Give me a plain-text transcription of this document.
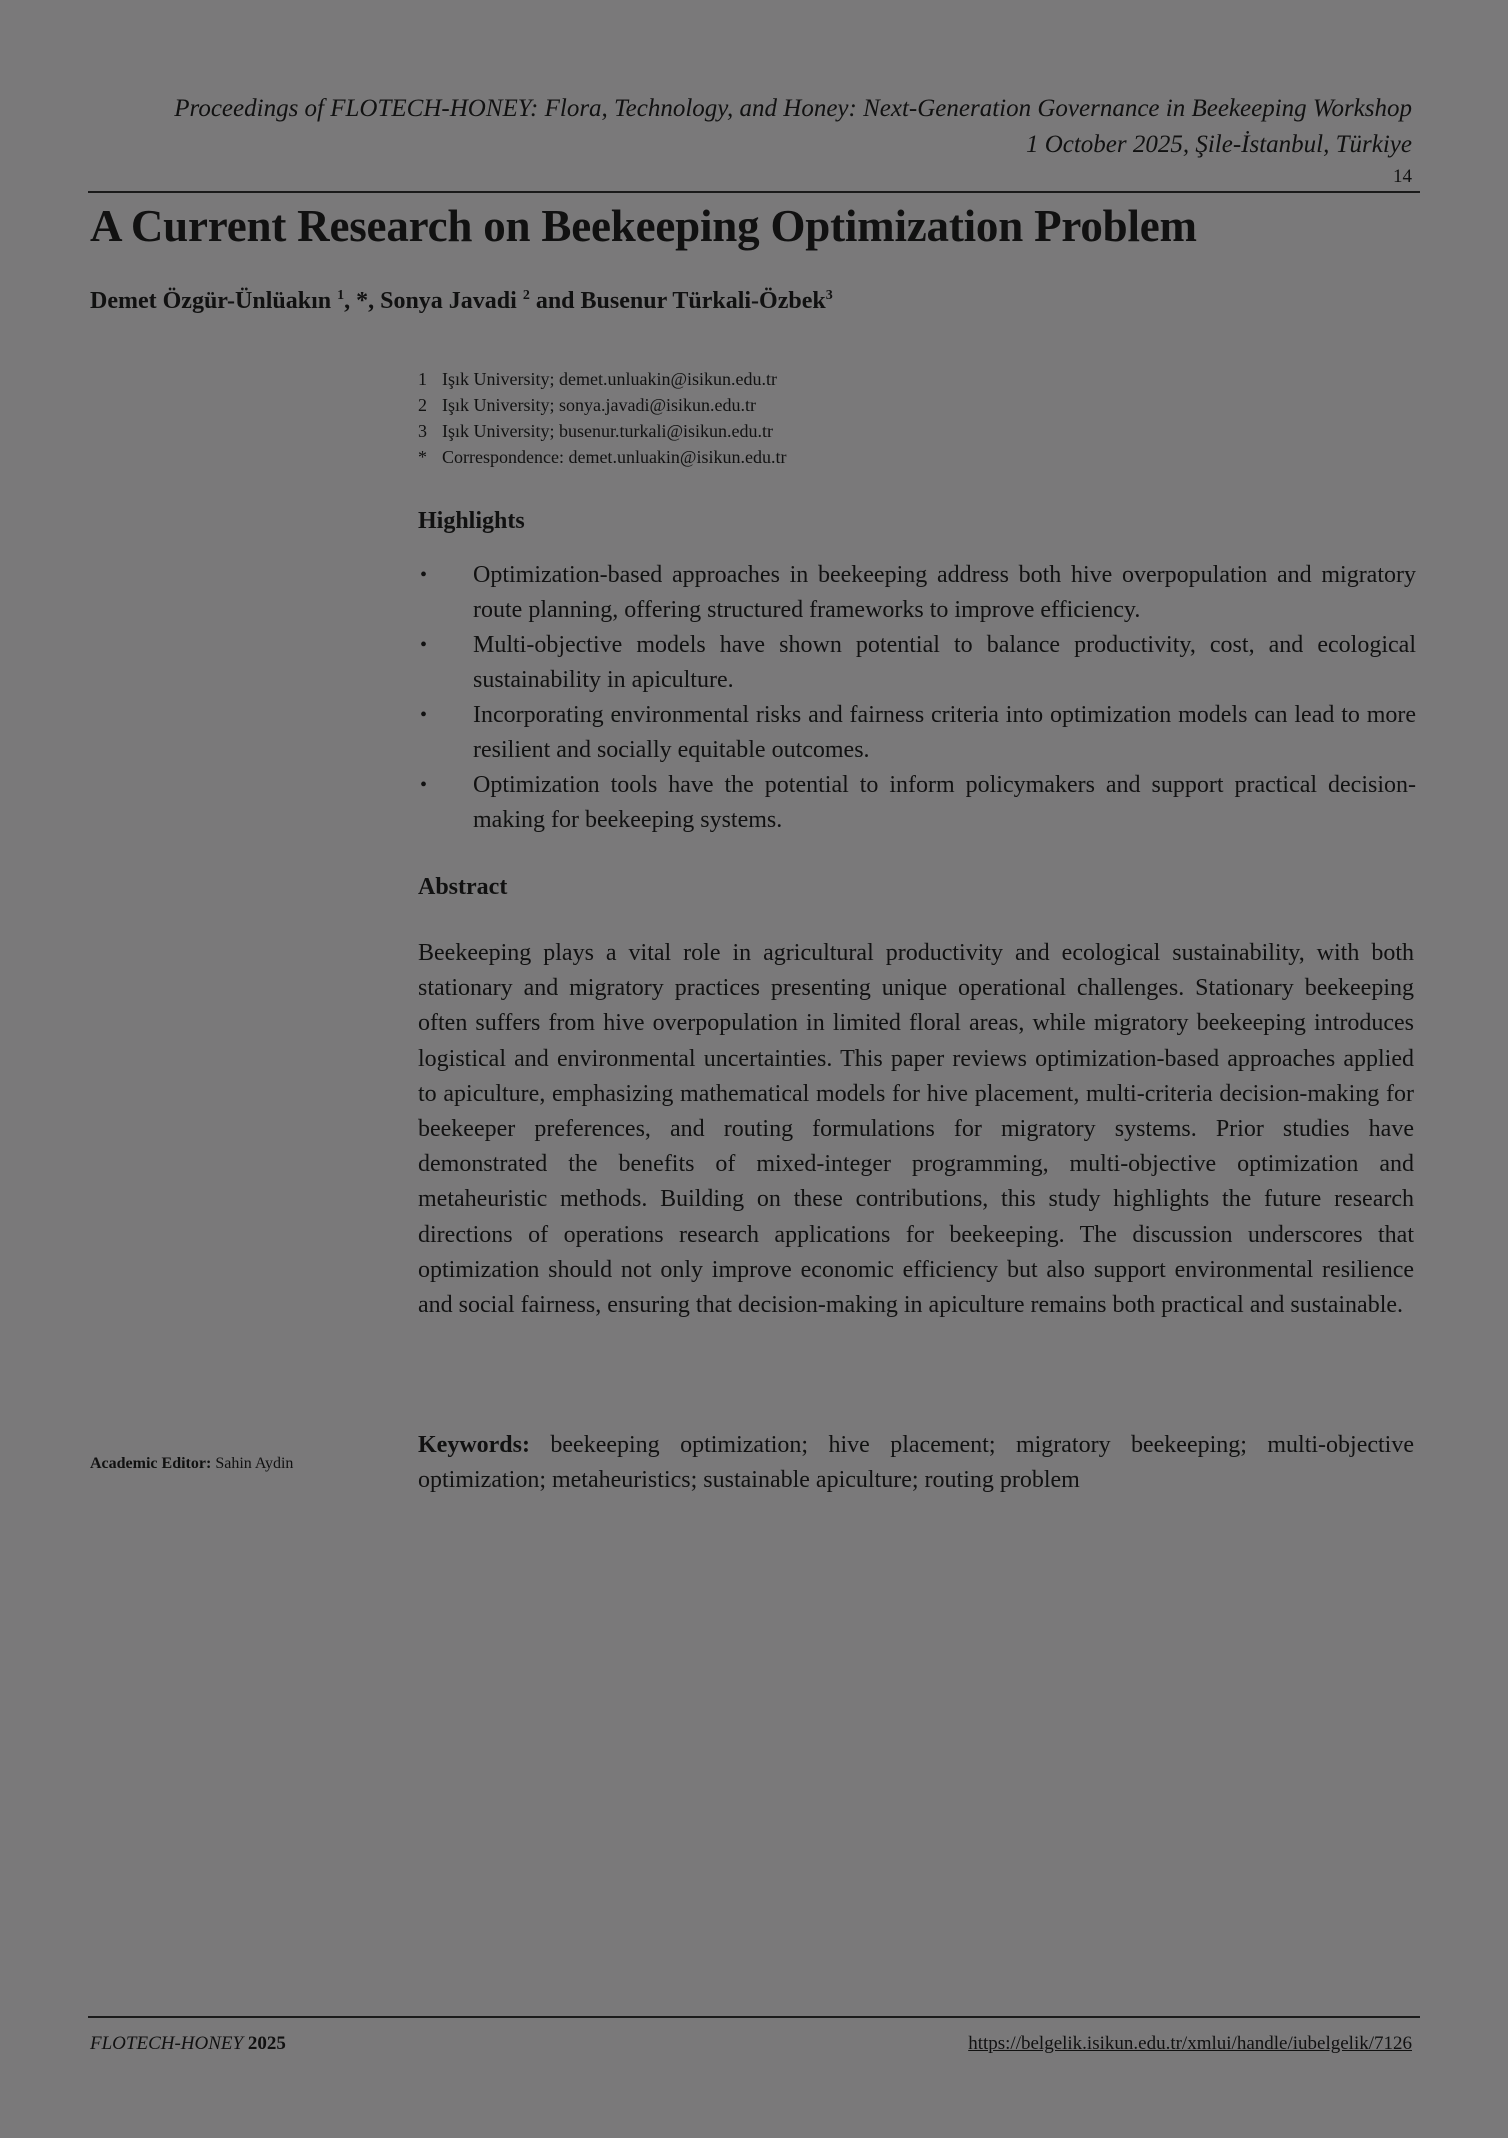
Proceedings of FLOTECH-HONEY: Flora, Technology, and Honey: Next-Generation Governance in Beekeeping Workshop
1 October 2025, Şile-İstanbul, Türkiye
14
A Current Research on Beekeeping Optimization Problem
Demet Özgür-Ünlüakın $^1$, *, Sonya Javadi $^2$ and Busenur Türkali-Özbek$^3$
1 Işık University; demet.unluakin@isikun.edu.tr
2 Işık University; sonya.javadi@isikun.edu.tr
3 Işık University; busenur.turkali@isikun.edu.tr
* Correspondence: demet.unluakin@isikun.edu.tr
Highlights
• Optimization-based approaches in beekeeping address both hive overpopulation and migratory route planning, offering structured frameworks to improve efficiency.
• Multi-objective models have shown potential to balance productivity, cost, and ecological sustainability in apiculture.
• Incorporating environmental risks and fairness criteria into optimization models can lead to more resilient and socially equitable outcomes.
• Optimization tools have the potential to inform policymakers and support practical decision-making for beekeeping systems.
Abstract

Beekeeping plays a vital role in agricultural productivity and ecological sustainability, with both stationary and migratory practices presenting unique operational challenges. Stationary beekeeping often suffers from hive overpopulation in limited floral areas, while migratory beekeeping introduces logistical and environmental uncertainties. This paper reviews optimization-based approaches applied to apiculture, emphasizing mathematical models for hive placement, multi-criteria decision-making for beekeeper preferences, and routing formulations for migratory systems. Prior studies have demonstrated the benefits of mixed-integer programming, multi-objective optimization and metaheuristic methods. Building on these contributions, this study highlights the future research directions of operations research applications for beekeeping. The discussion underscores that optimization should not only improve economic efficiency but also support environmental resilience and social fairness, ensuring that decision-making in apiculture remains both practical and sustainable.

Keywords: beekeeping optimization; hive placement; migratory beekeeping; multi-objective optimization; metaheuristics; sustainable apiculture; routing problem

Academic Editor: Sahin Aydin
FLOTECH-HONEY 2025	https://belgelik.isikun.edu.tr/xmlui/handle/iubelgelik/7126
